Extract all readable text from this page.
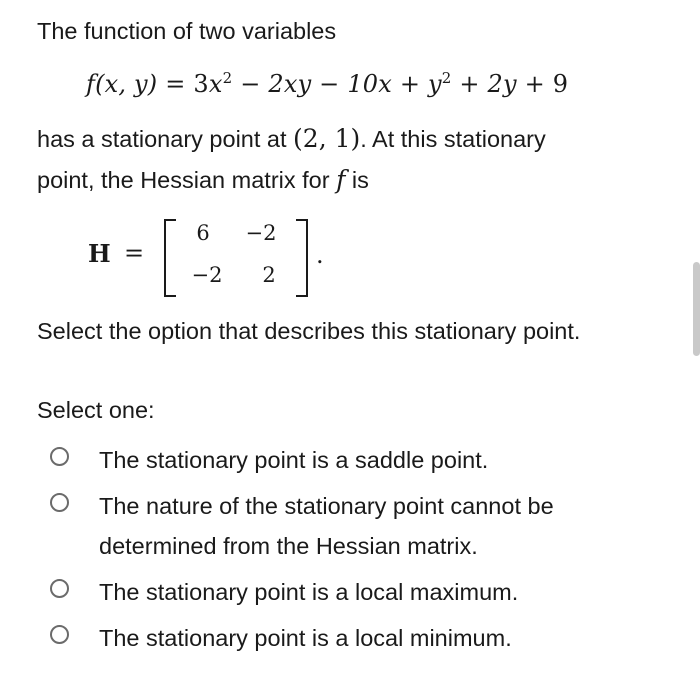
The function of two variables
f(x, $y) = 3x^2 - 2xy - 10x + y^2 + 2y + 9$
has a stationary point at (2, 1). At this stationary
point, the Hessian matrix for f is
H =
6	−2
−2	2
.
Select the option that describes this stationary point.
Select one:
The stationary point is a saddle point.
The nature of the stationary point cannot be determined from the Hessian matrix.
The stationary point is a local maximum.
The stationary point is a local minimum.
